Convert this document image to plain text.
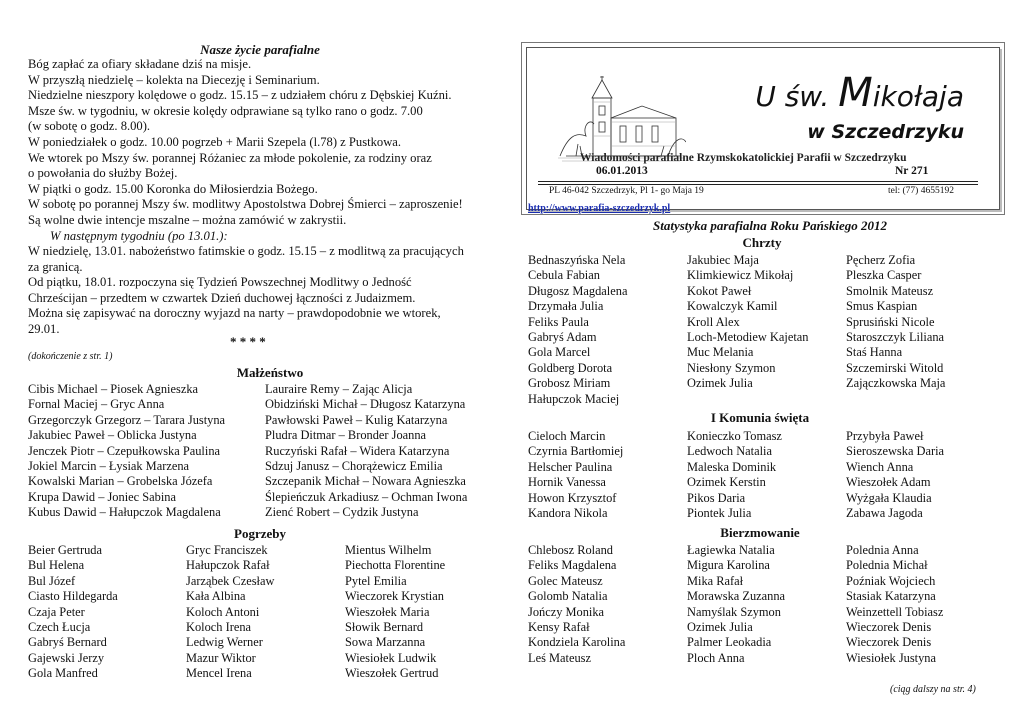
Nasze życie parafialne
Bóg zapłać za ofiary składane dziś na misje.
W przyszłą niedzielę – kolekta na Diecezję i Seminarium.
Niedzielne nieszpory kolędowe o godz. 15.15 – z udziałem chóru z Dębskiej Kuźni.
Msze św. w tygodniu, w okresie kolędy odprawiane są tylko rano o godz. 7.00
(w sobotę o godz. 8.00).
W poniedziałek o godz. 10.00 pogrzeb + Marii Szepela (l.78) z Pustkowa.
We wtorek po Mszy św. porannej Różaniec za młode pokolenie, za rodziny oraz
o powołania do służby Bożej.
W piątki o godz. 15.00 Koronka do Miłosierdzia Bożego.
W sobotę po porannej Mszy św. modlitwy Apostolstwa Dobrej Śmierci – zaproszenie!
Są wolne dwie intencje mszalne – można zamówić w zakrystii.
W następnym tygodniu (po 13.01.):
W niedzielę, 13.01. nabożeństwo fatimskie o godz. 15.15 – z modlitwą za pracujących
za granicą.
Od piątku, 18.01. rozpoczyna się Tydzień Powszechnej Modlitwy o Jedność
Chrześcijan – przedtem w czwartek Dzień duchowej łączności z Judaizmem.
Można się zapisywać na doroczny wyjazd na narty – prawdopodobnie we wtorek,
29.01.
* * * *
(dokończenie z str. 1)
Małżeństwo
Cibis Michael – Piosek Agnieszka
Fornal Maciej – Gryc Anna
Grzegorczyk Grzegorz – Tarara Justyna
Jakubiec Paweł – Oblicka Justyna
Jenczek Piotr – Czepułkowska Paulina
Jokiel Marcin – Łysiak Marzena
Kowalski Marian – Grobelska Józefa
Krupa Dawid – Joniec Sabina
Kubus Dawid – Hałupczok Magdalena
Lauraire Remy – Zając Alicja
Obidziński Michał – Długosz Katarzyna
Pawłowski Paweł – Kulig Katarzyna
Pludra Ditmar – Bronder Joanna
Ruczyński Rafał – Widera Katarzyna
Sdzuj Janusz – Chorążewicz Emilia
Szczepanik Michał – Nowara Agnieszka
Ślepieńczuk Arkadiusz – Ochman Iwona
Zienć Robert – Cydzik Justyna
Pogrzeby
Beier Gertruda
Bul Helena
Bul Józef
Ciasto Hildegarda
Czaja Peter
Czech Łucja
Gabryś Bernard
Gajewski Jerzy
Gola Manfred
Gryc Franciszek
Hałupczok Rafał
Jarząbek Czesław
Kała Albina
Koloch Antoni
Koloch Irena
Ledwig Werner
Mazur Wiktor
Mencel Irena
Mientus Wilhelm
Piechotta Florentine
Pytel Emilia
Wieczorek Krystian
Wieszołek Maria
Słowik Bernard
Sowa Marzanna
Wiesiołek Ludwik
Wieszołek Gertrud
U św. Mikołaja
w Szczedrzyku
Wiadomości parafialne Rzymskokatolickiej Parafii w Szczedrzyku
06.01.2013	Nr 271
PL 46-042 Szczedrzyk, Pl 1- go Maja 19	tel: (77) 4655192
http://www.parafia-szczedrzyk.pl
Statystyka parafialna Roku Pańskiego 2012
Chrzty
Bednaszyńska Nela
Cebula Fabian
Długosz Magdalena
Drzymała Julia
Feliks Paula
Gabryś Adam
Gola Marcel
Goldberg Dorota
Grobosz Miriam
Hałupczok Maciej
Jakubiec Maja
Klimkiewicz Mikołaj
Kokot Paweł
Kowalczyk Kamil
Kroll Alex
Loch-Metodiew Kajetan
Muc Melania
Niesłony Szymon
Ozimek Julia
Pęcherz Zofia
Pleszka Casper
Smolnik Mateusz
Smus Kaspian
Sprusiński Nicole
Staroszczyk Liliana
Staś Hanna
Szczemirski Witold
Zajączkowska Maja
I Komunia święta
Cieloch Marcin
Czyrnia Bartłomiej
Helscher Paulina
Hornik Vanessa
Howon Krzysztof
Kandora Nikola
Konieczko Tomasz
Ledwoch Natalia
Maleska Dominik
Ozimek Kerstin
Pikos Daria
Piontek Julia
Przybyła Paweł
Sieroszewska Daria
Wiench Anna
Wieszołek Adam
Wyżgała Klaudia
Zabawa Jagoda
Bierzmowanie
Chlebosz Roland
Feliks Magdalena
Golec Mateusz
Golomb Natalia
Jończy Monika
Kensy Rafał
Kondziela Karolina
Leś Mateusz
Łagiewka Natalia
Migura Karolina
Mika Rafał
Morawska Zuzanna
Namyślak Szymon
Ozimek Julia
Palmer Leokadia
Ploch Anna
Polednia Anna
Polednia Michał
Poźniak Wojciech
Stasiak Katarzyna
Weinzettell Tobiasz
Wieczorek Denis
Wieczorek Denis
Wiesiołek Justyna
(ciąg dalszy na str. 4)
